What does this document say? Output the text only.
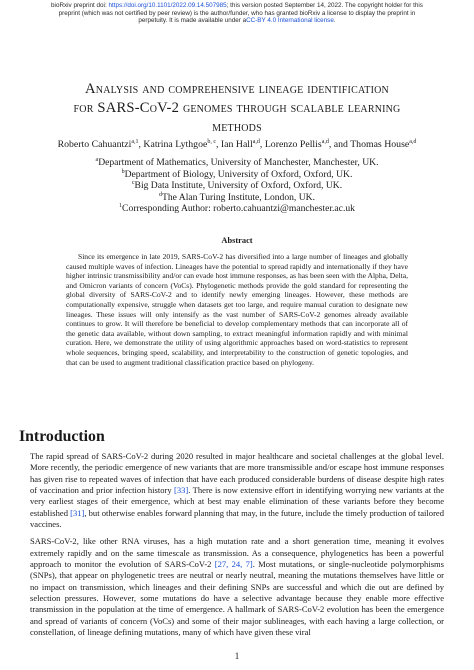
bioRxiv preprint doi: https://doi.org/10.1101/2022.09.14.507985; this version posted September 14, 2022. The copyright holder for this
preprint (which was not certified by peer review) is the author/funder, who has granted bioRxiv a license to display the preprint in
perpetuity. It is made available under aCC-BY 4.0 International license.
Analysis and comprehensive lineage identification
for SARS-CoV-2 genomes through scalable learning
methods
Roberto Cahuantzi$^{a,1}$, Katrina Lythgoe$^{b, c}$, Ian Hall$^{a,d}$, Lorenzo Pellis$^{a,d}$, and Thomas House$^{a,d}$
$^a$Department of Mathematics, University of Manchester, Manchester, UK.
$^b$Department of Biology, University of Oxford, Oxford, UK.
$^c$Big Data Institute, University of Oxford, Oxford, UK.
$^d$The Alan Turing Institute, London, UK.
$^1$Corresponding Author: roberto.cahuantzi@manchester.ac.uk
Abstract

Since its emergence in late 2019, SARS-CoV-2 has diversified into a large number of lineages and globally caused multiple waves of infection. Lineages have the potential to spread rapidly and internationally if they have higher intrinsic transmissibility and/or can evade host immune responses, as has been seen with the Alpha, Delta, and Omicron variants of concern (VoCs). Phylogenetic methods provide the gold standard for representing the global diversity of SARS-CoV-2 and to identify newly emerging lineages. However, these methods are computationally expensive, struggle when datasets get too large, and require manual curation to designate new lineages. These issues will only intensify as the vast number of SARS-CoV-2 genomes already available continues to grow. It will therefore be beneficial to develop complementary methods that can incorporate all of the genetic data available, without down sampling, to extract meaningful information rapidly and with minimal curation. Here, we demonstrate the utility of using algorithmic approaches based on word-statistics to represent whole sequences, bringing speed, scalability, and interpretability to the construction of genetic topologies, and that can be used to augment traditional classification practice based on phylogeny.

Introduction

The rapid spread of SARS-CoV-2 during 2020 resulted in major healthcare and societal challenges at the global level. More recently, the periodic emergence of new variants that are more transmissible and/or escape host immune responses has given rise to repeated waves of infection that have each produced considerable burdens of disease despite high rates of vaccination and prior infection history [33]. There is now extensive effort in identifying worrying new variants at the very earliest stages of their emergence, which at best may enable elimination of these variants before they become established [31], but otherwise enables forward planning that may, in the future, include the timely production of tailored vaccines.

SARS-CoV-2, like other RNA viruses, has a high mutation rate and a short generation time, meaning it evolves extremely rapidly and on the same timescale as transmission. As a consequence, phylogenetics has been a powerful approach to monitor the evolution of SARS-CoV-2 [27, 24, 7]. Most mutations, or single-nucleotide polymorphisms (SNPs), that appear on phylogenetic trees are neutral or nearly neutral, meaning the mutations themselves have little or no impact on transmission, which lineages and their defining SNPs are successful and which die out are defined by selection pressures. However, some mutations do have a selective advantage because they enable more effective transmission in the population at the time of emergence. A hallmark of SARS-CoV-2 evolution has been the emergence and spread of variants of concern (VoCs) and some of their major sublineages, with each having a large collection, or constellation, of lineage defining mutations, many of which have given these viral

1
